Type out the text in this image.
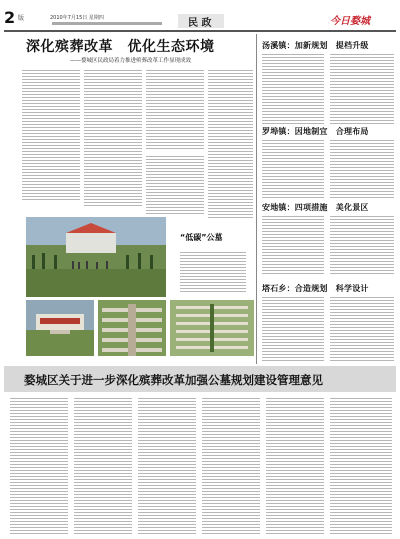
2 版	2010年7月15日 星期四	民 政	今日婺城
深化殡葬改革　优化生态环境
——婺城区民政局着力推进殡葬改革工作显现成效
“低碳”公墓
汤溪镇：加新规划　提档升级
罗埠镇：因地制宜　合理布局
安地镇：四项措施　美化景区
塔石乡：合造规划　科学设计
婺城区关于进一步深化殡葬改革加强公墓规划建设管理意见
